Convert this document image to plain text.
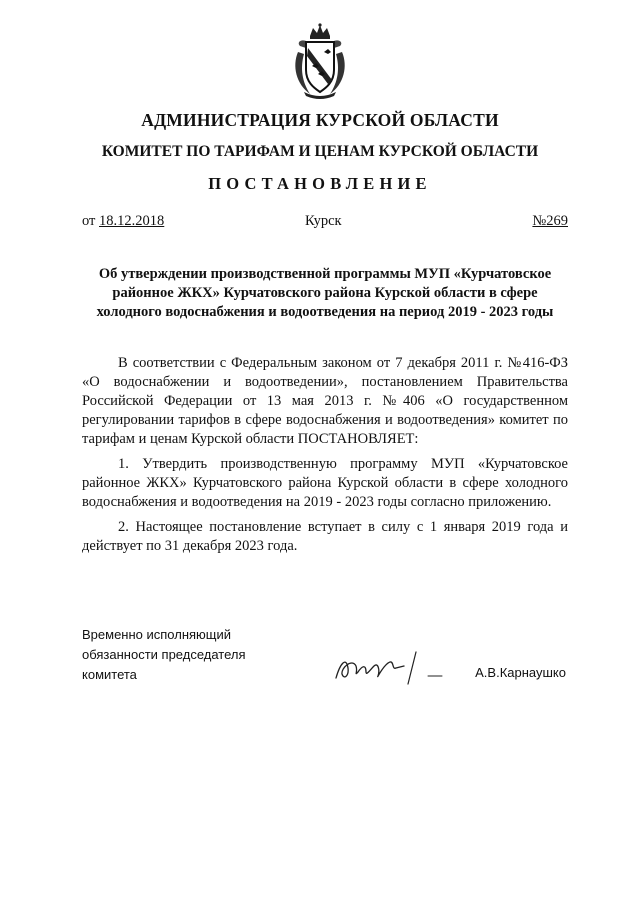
АДМИНИСТРАЦИЯ КУРСКОЙ ОБЛАСТИ
КОМИТЕТ ПО ТАРИФАМ И ЦЕНАМ КУРСКОЙ ОБЛАСТИ
ПОСТАНОВЛЕНИЕ
от 18.12.2018	Курск	№269
Об утверждении производственной программы МУП «Курчатовское районное ЖКХ» Курчатовского района Курской области в сфере холодного водоснабжения и водоотведения на период 2019 - 2023 годы

В соответствии с Федеральным законом от 7 декабря 2011 г. №416-ФЗ «О водоснабжении и водоотведении», постановлением Правительства Российской Федерации от 13 мая 2013 г. №406 «О государственном регулировании тарифов в сфере водоснабжения и водоотведения» комитет по тарифам и ценам Курской области ПОСТАНОВЛЯЕТ:

1. Утвердить производственную программу МУП «Курчатовское районное ЖКХ» Курчатовского района Курской области в сфере холодного водоснабжения и водоотведения на 2019 - 2023 годы согласно приложению.

2. Настоящее постановление вступает в силу с 1 января 2019 года и действует по 31 декабря 2023 года.

Временно исполняющий
обязанности председателя
комитета	А.В.Карнаушко
